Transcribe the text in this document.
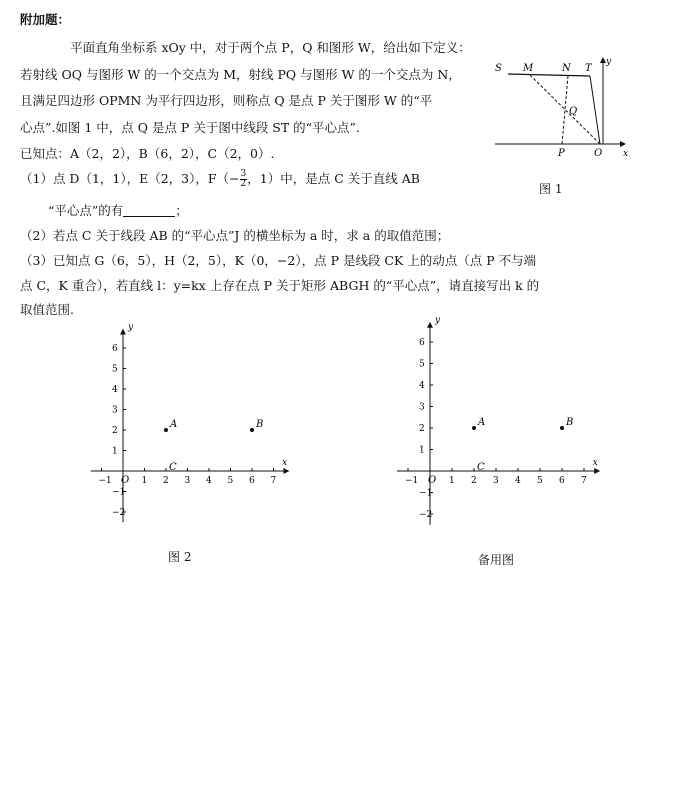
附加题：
平面直角坐标系 xOy 中，对于两个点 P，Q 和图形 W，给出如下定义：
若射线 OQ 与图形 W 的一个交点为 M，射线 PQ 与图形 W 的一个交点为 N，
且满足四边形 OPMN 为平行四边形，则称点 Q 是点 P 关于图形 W 的“平
心点”.如图 1 中，点 Q 是点 P 关于图中线段 ST 的“平心点”．
已知点：A（2，2），B（6，2），C（2，0）.
（1）点 D（1，1），E（2，3），$F(- \frac{3}{2}$ ，1）中，是点 C 关于直线 AB
“平心点”的有	；
（2）若点 C 关于线段 AB 的“平心点”J 的横坐标为 a 时，求 a 的取值范围；
（3）已知点 G（6，5），H（2，5），K（0，−2），点 P 是线段 CK 上的动点（点 P 不与端
点 C，K 重合），若直线 l：y=kx 上存在点 P 关于矩形 ABGH 的“平心点”，请直接写出 k 的
取值范围.
S M	N T
y
Q
P	O x
图 1
−1	1 2 3 4 5 6 7
6
5
4
3
2
1
−1
−2
O
x
y
A	B
C
图 2
−1	1 2 3 4 5 6 7
6
5
4
3
2
1
−1
−2
O
x
y
A	B
C
备用图
